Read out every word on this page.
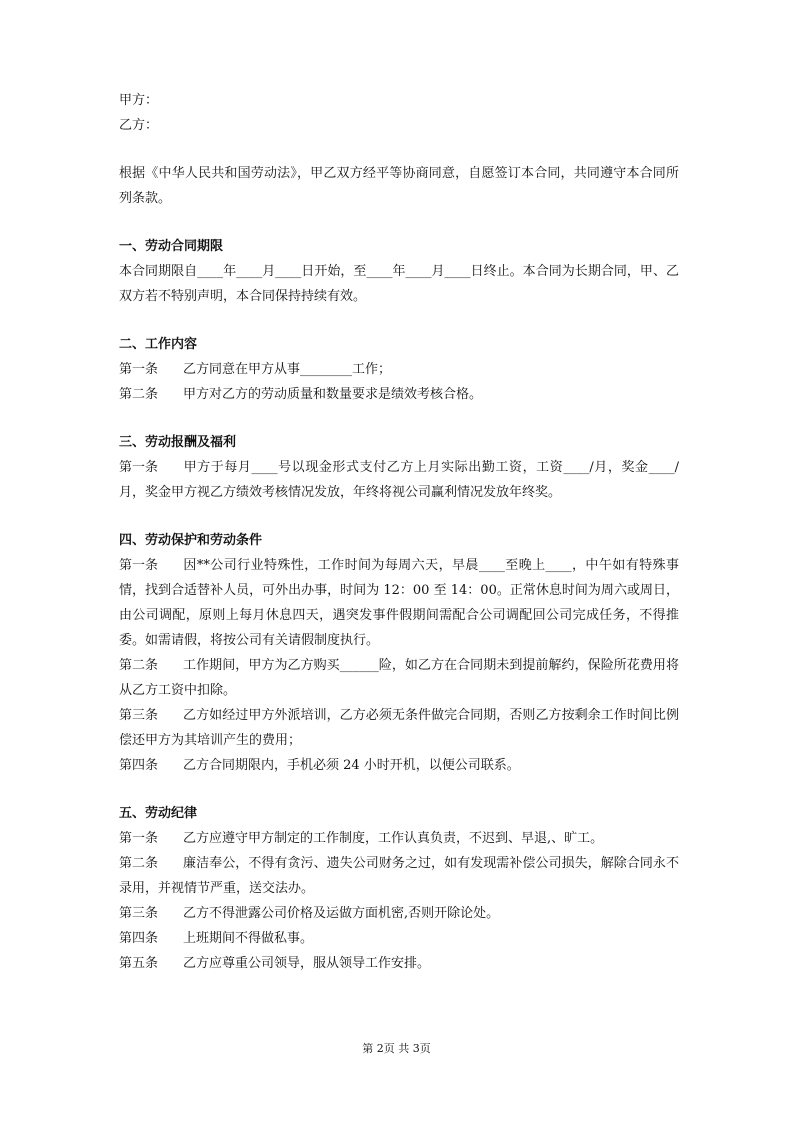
甲方：
乙方：
根据《中华人民共和国劳动法》，甲乙双方经平等协商同意，自愿签订本合同，共同遵守本合同所列条款。
一、劳动合同期限
本合同期限自____年____月____日开始，至____年____月____日终止。本合同为长期合同，甲、乙双方若不特别声明，本合同保持持续有效。
二、工作内容
第一条 乙方同意在甲方从事________工作；
第二条 甲方对乙方的劳动质量和数量要求是绩效考核合格。
三、劳动报酬及福利
第一条 甲方于每月____号以现金形式支付乙方上月实际出勤工资，工资____/月，奖金____/月，奖金甲方视乙方绩效考核情况发放，年终将视公司赢利情况发放年终奖。
四、劳动保护和劳动条件
第一条 因**公司行业特殊性，工作时间为每周六天，早晨____至晚上____，中午如有特殊事情，找到合适替补人员，可外出办事，时间为 12：00 至 14：00。正常休息时间为周六或周日，由公司调配，原则上每月休息四天，遇突发事件假期间需配合公司调配回公司完成任务，不得推委。如需请假，将按公司有关请假制度执行。
第二条 工作期间，甲方为乙方购买______险，如乙方在合同期未到提前解约，保险所花费用将从乙方工资中扣除。
第三条 乙方如经过甲方外派培训，乙方必须无条件做完合同期，否则乙方按剩余工作时间比例偿还甲方为其培训产生的费用；
第四条 乙方合同期限内，手机必须 24 小时开机，以便公司联系。
五、劳动纪律
第一条 乙方应遵守甲方制定的工作制度，工作认真负责，不迟到、早退,、旷工。
第二条 廉洁奉公，不得有贪污、遗失公司财务之过，如有发现需补偿公司损失，解除合同永不录用，并视情节严重，送交法办。
第三条 乙方不得泄露公司价格及运做方面机密,否则开除论处。
第四条 上班期间不得做私事。
第五条 乙方应尊重公司领导，服从领导工作安排。
第 2页 共 3页
